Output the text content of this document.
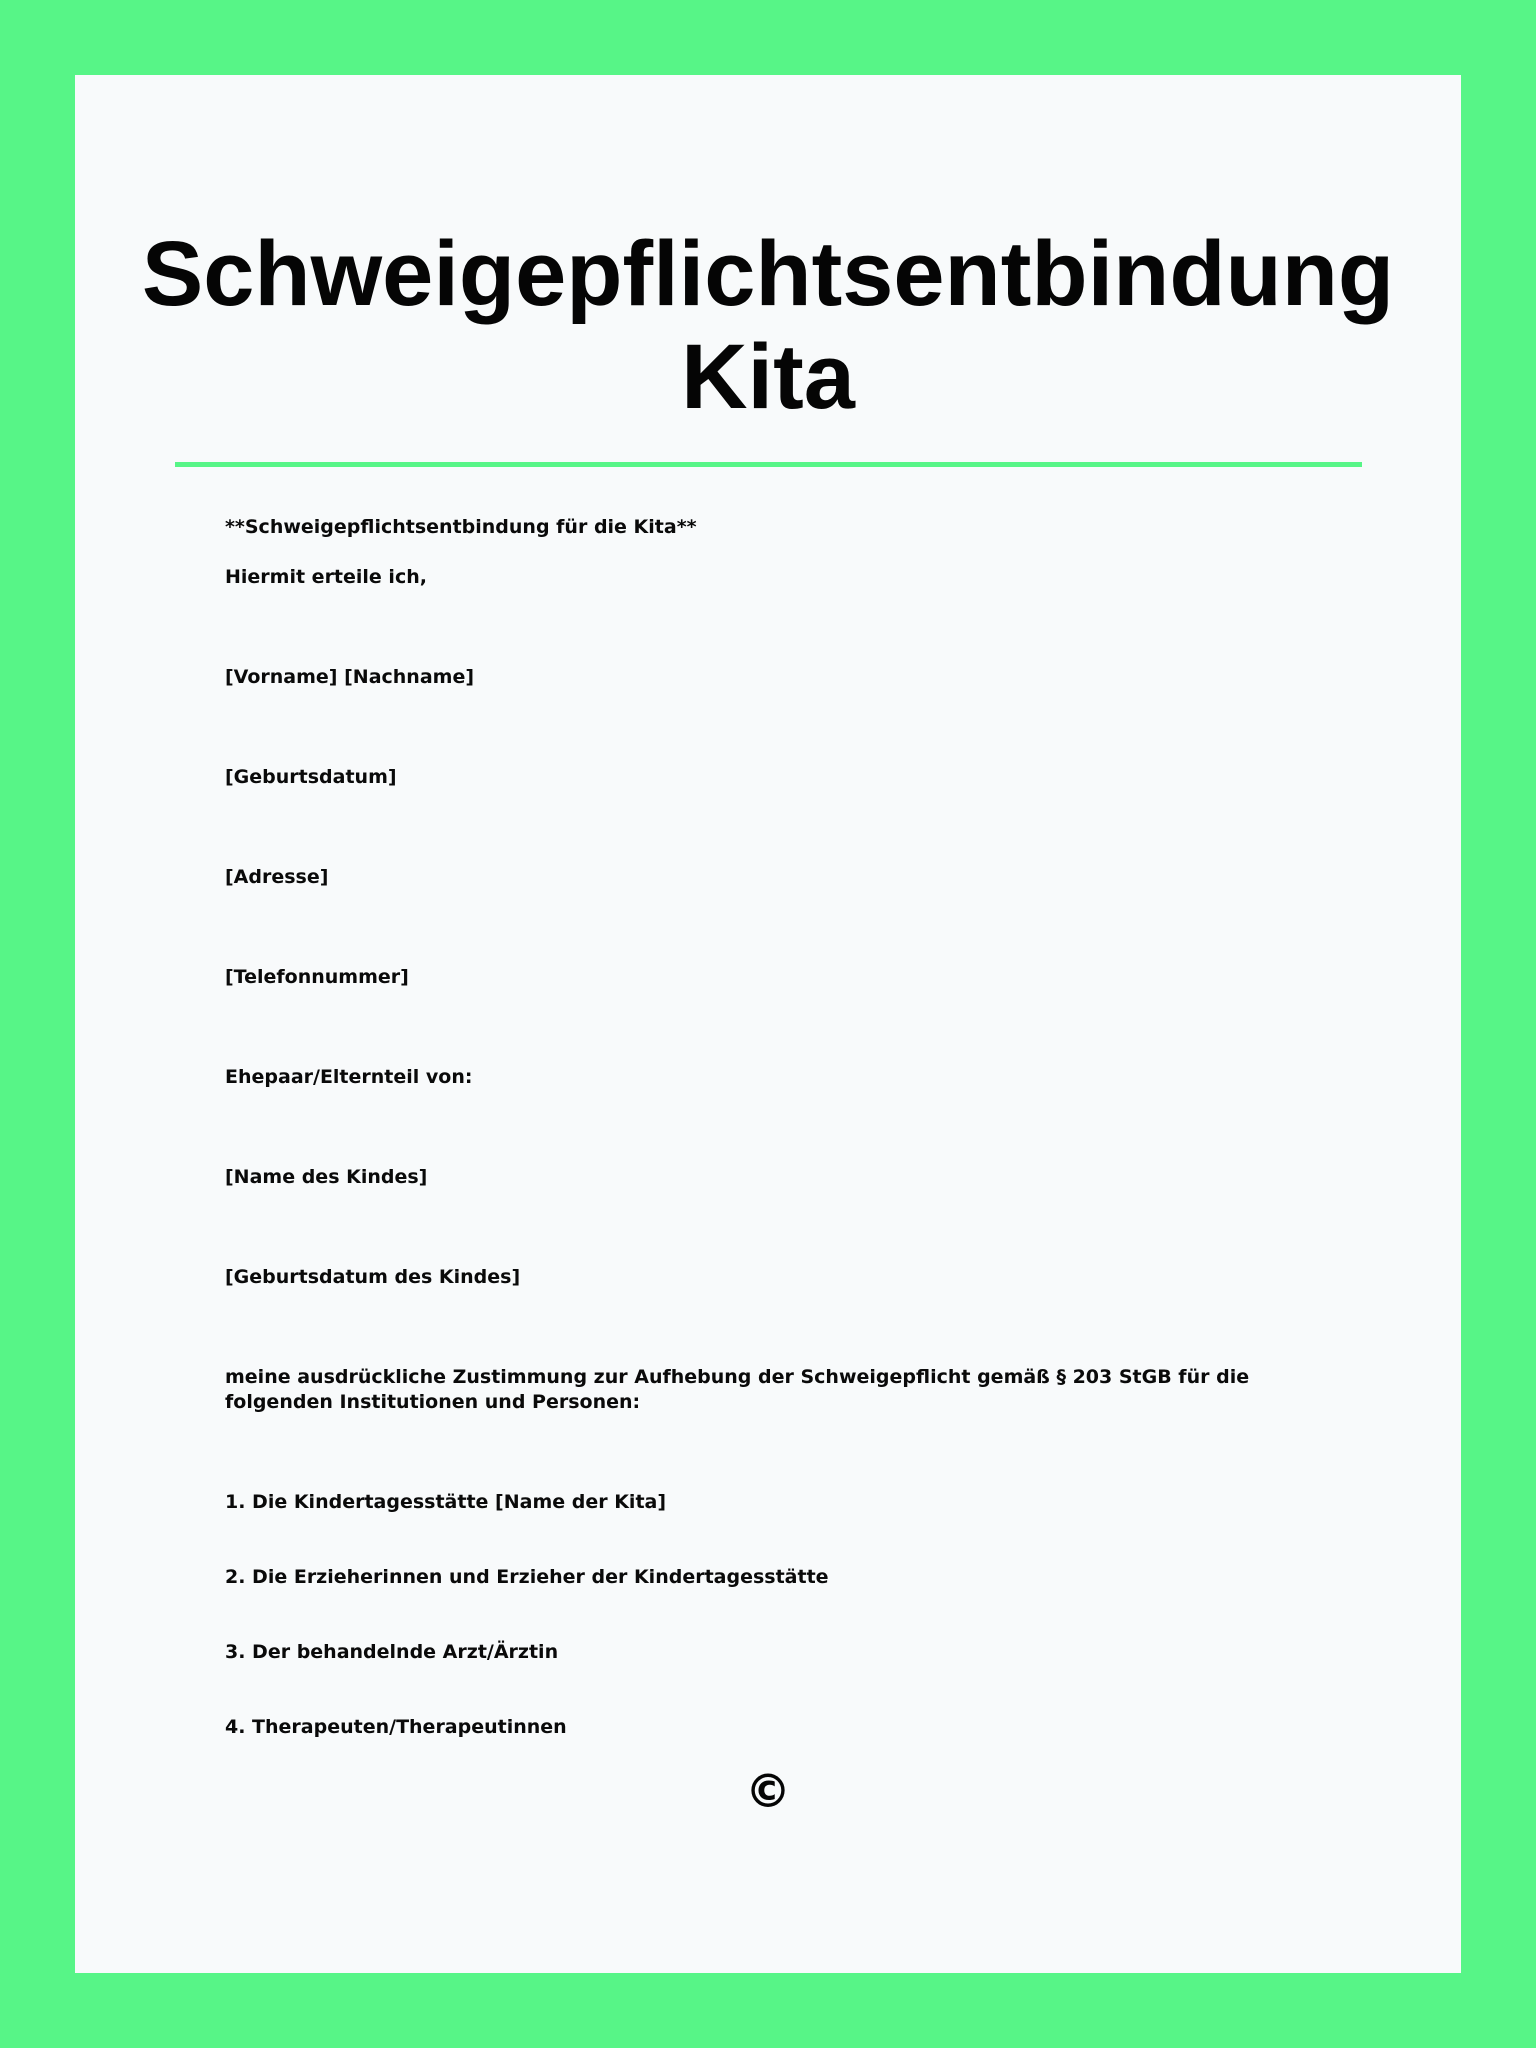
Schweigepflichtsentbindung
Kita

**Schweigepflichtsentbindung für die Kita**

Hiermit erteile ich,

[Vorname] [Nachname]

[Geburtsdatum]

[Adresse]

[Telefonnummer]

Ehepaar/Elternteil von:

[Name des Kindes]

[Geburtsdatum des Kindes]

meine ausdrückliche Zustimmung zur Aufhebung der Schweigepflicht gemäß § 203 StGB für die folgenden Institutionen und Personen:

1. Die Kindertagesstätte [Name der Kita]

2. Die Erzieherinnen und Erzieher der Kindertagesstätte

3. Der behandelnde Arzt/Ärztin

4. Therapeuten/Therapeutinnen

©
